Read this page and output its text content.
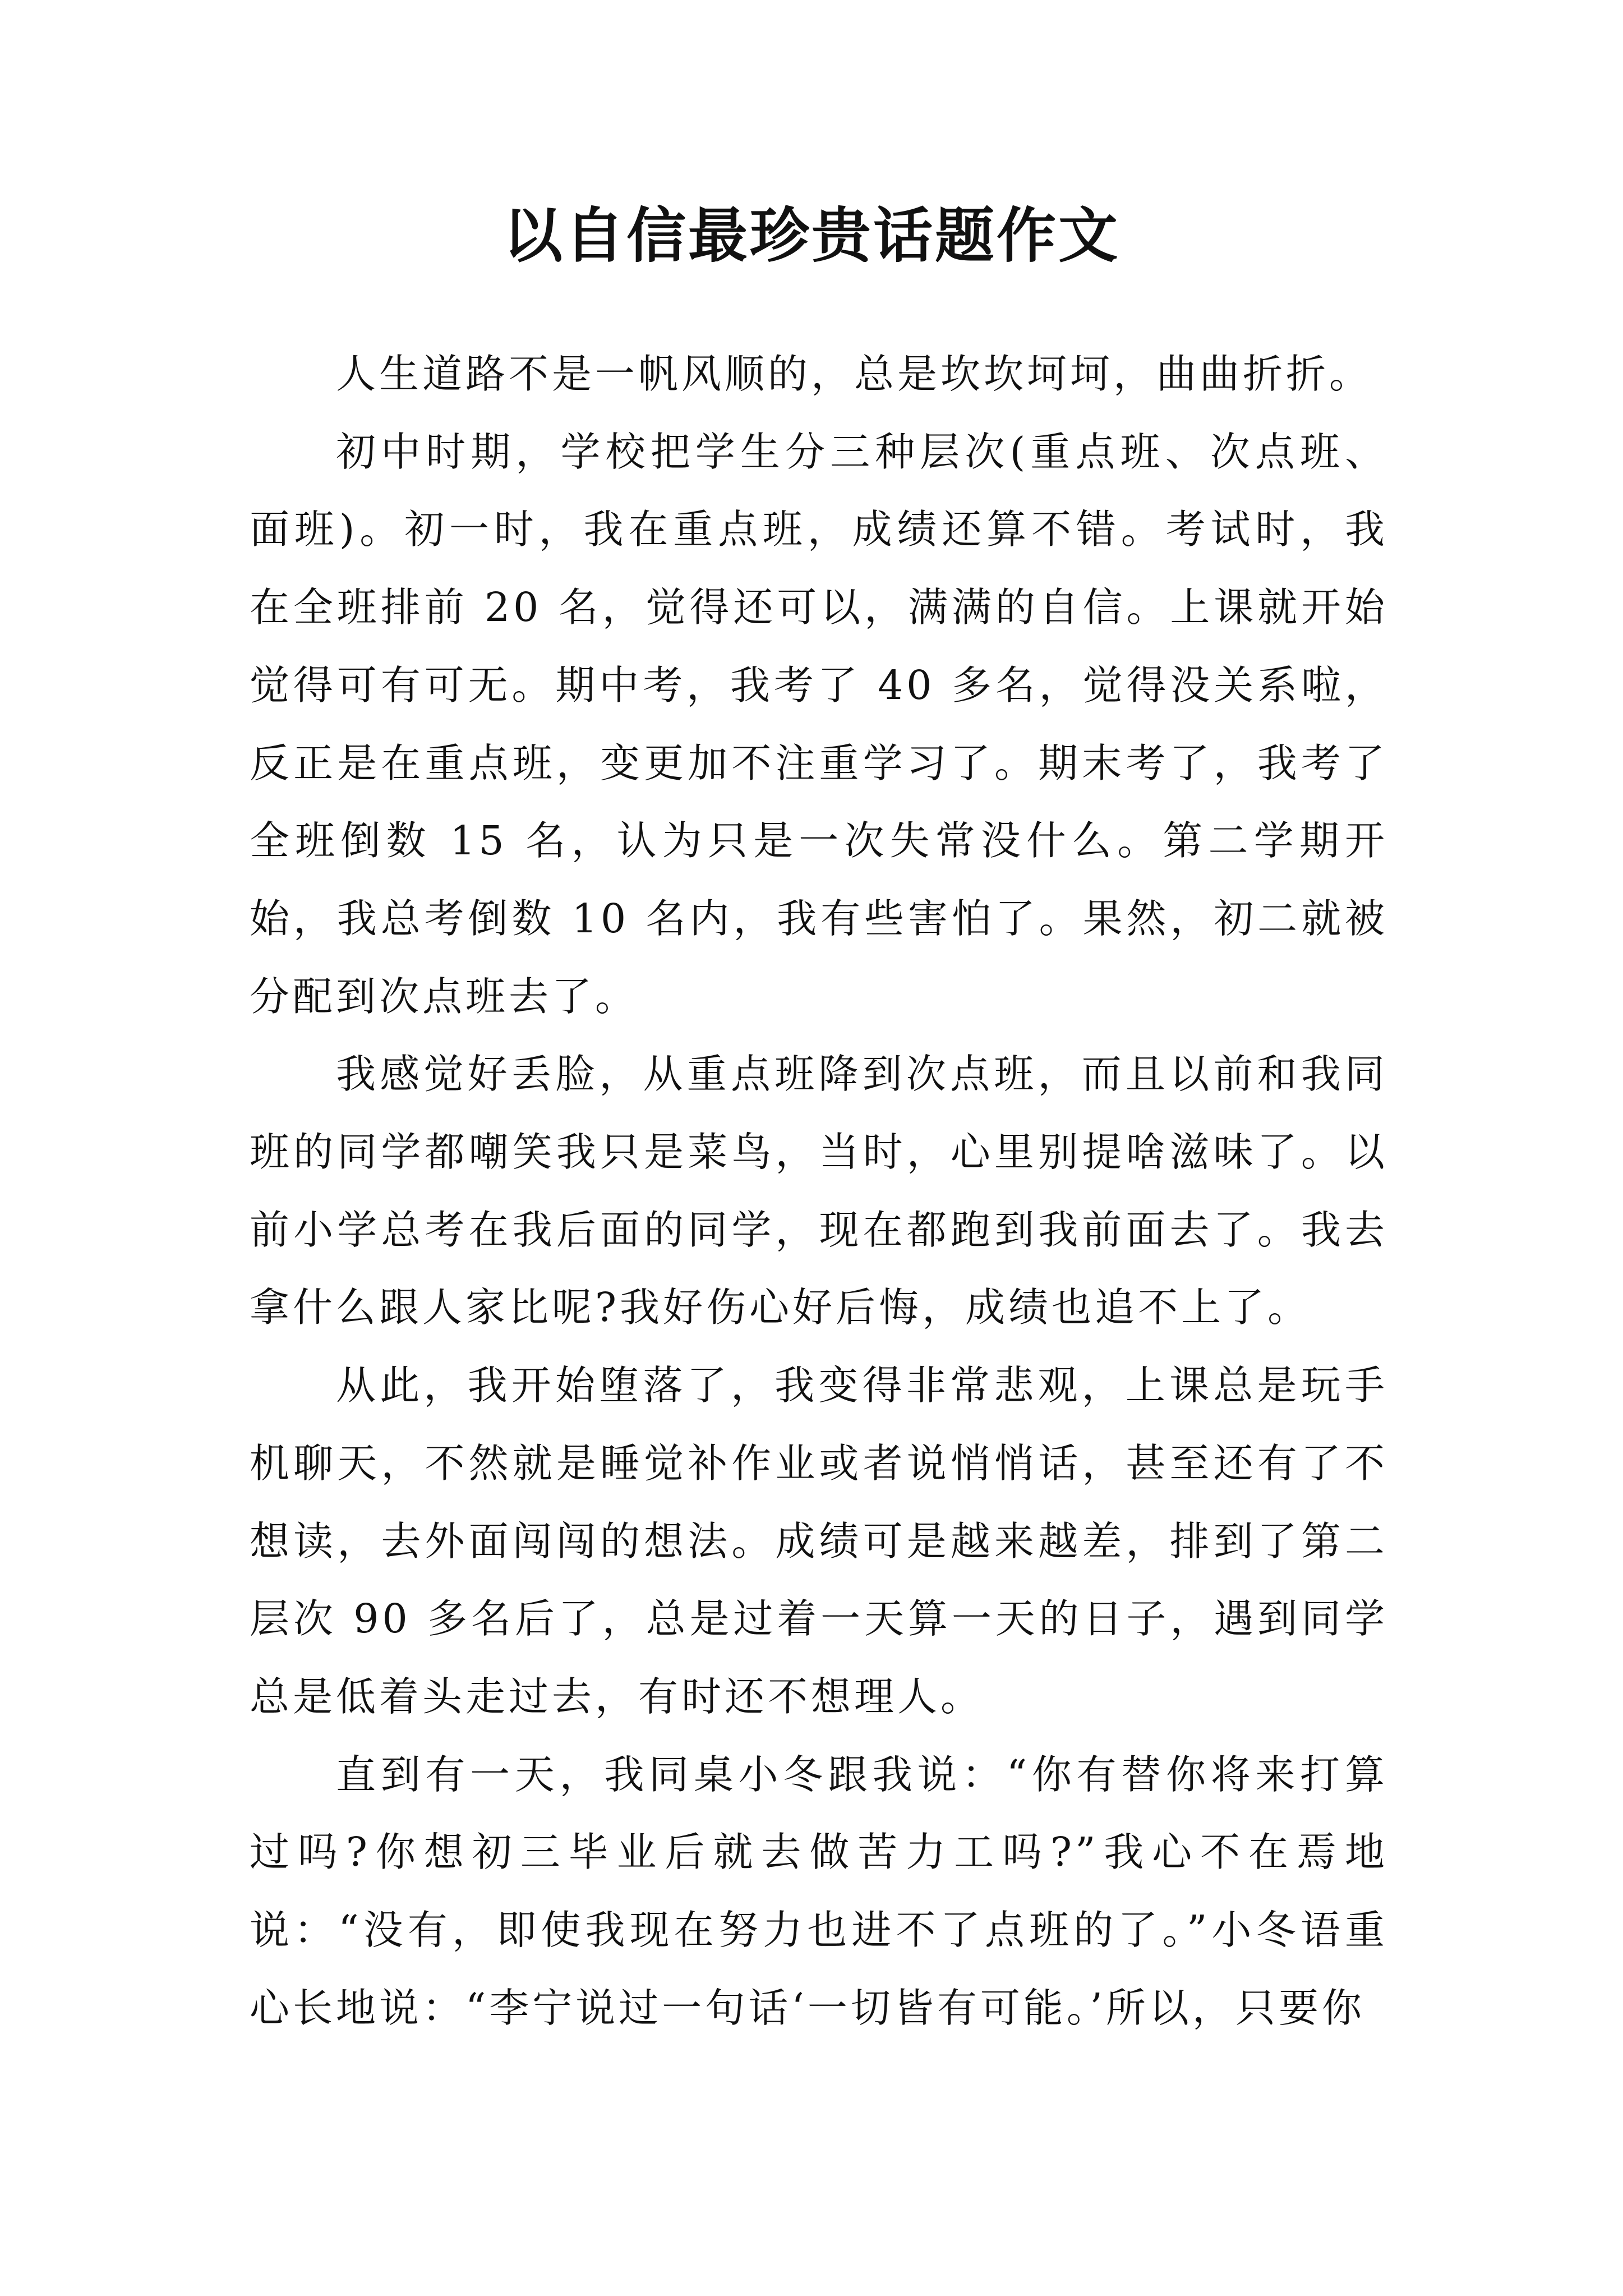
以自信最珍贵话题作文

人生道路不是一帆风顺的，总是坎坎坷坷，曲曲折折。

初中时期，学校把学生分三种层次(重点班、次点班、面班)。初一时，我在重点班，成绩还算不错。考试时，我在全班排前 20 名，觉得还可以，满满的自信。上课就开始觉得可有可无。期中考，我考了 40 多名，觉得没关系啦，反正是在重点班，变更加不注重学习了。期末考了，我考了全班倒数 15 名，认为只是一次失常没什么。第二学期开始，我总考倒数 10 名内，我有些害怕了。果然，初二就被分配到次点班去了。

我感觉好丢脸，从重点班降到次点班，而且以前和我同班的同学都嘲笑我只是菜鸟，当时，心里别提啥滋味了。以前小学总考在我后面的同学，现在都跑到我前面去了。我去拿什么跟人家比呢?我好伤心好后悔，成绩也追不上了。

从此，我开始堕落了，我变得非常悲观，上课总是玩手机聊天，不然就是睡觉补作业或者说悄悄话，甚至还有了不想读，去外面闯闯的想法。成绩可是越来越差，排到了第二层次 90 多名后了，总是过着一天算一天的日子，遇到同学总是低着头走过去，有时还不想理人。

直到有一天，我同桌小冬跟我说：“你有替你将来打算过吗?你想初三毕业后就去做苦力工吗?”我心不在焉地说：“没有，即使我现在努力也进不了点班的了。”小冬语重心长地说：“李宁说过一句话‘一切皆有可能。’所以，只要你
